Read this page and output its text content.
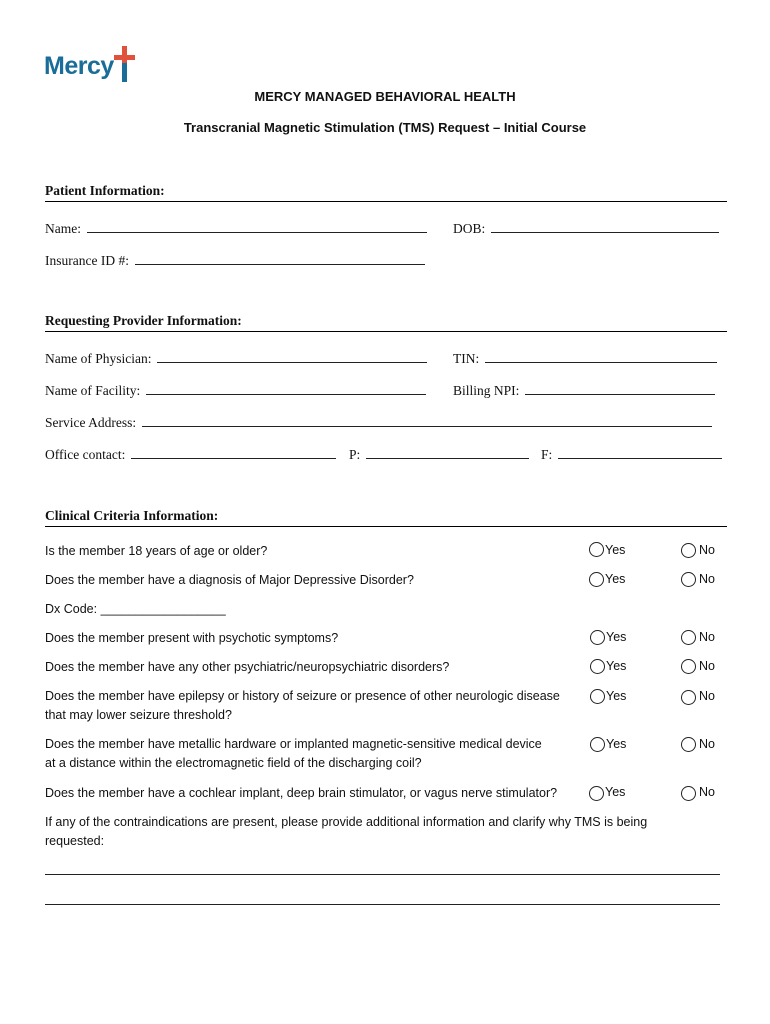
Mercy
MERCY MANAGED BEHAVIORAL HEALTH
Transcranial Magnetic Stimulation (TMS) Request – Initial Course
Patient Information:
Name:	DOB:
Insurance ID #:
Requesting Provider Information:
Name of Physician:	TIN:
Name of Facility:	Billing NPI:
Service Address:
Office contact:	P:	F:
Clinical Criteria Information:
Is the member 18 years of age or older?	Yes	No
Does the member have a diagnosis of Major Depressive Disorder?	Yes	No
Dx Code: __________________
Does the member present with psychotic symptoms?	Yes	No
Does the member have any other psychiatric/neuropsychiatric disorders?	Yes	No
Does the member have epilepsy or history of seizure or presence of other neurologic disease
that may lower seizure threshold?
Yes	No
Does the member have metallic hardware or implanted magnetic-sensitive medical device
at a distance within the electromagnetic field of the discharging coil?
Yes	No
Does the member have a cochlear implant, deep brain stimulator, or vagus nerve stimulator?	Yes	No
If any of the contraindications are present, please provide additional information and clarify why TMS is being
requested:
